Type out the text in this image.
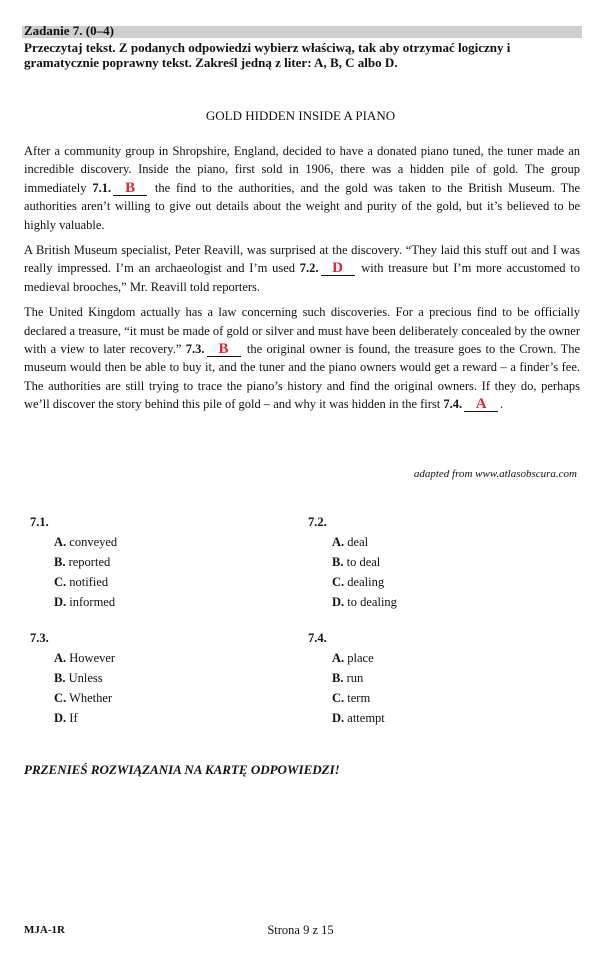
Zadanie 7. (0–4)
Przeczytaj tekst. Z podanych odpowiedzi wybierz właściwą, tak aby otrzymać logiczny i gramatycznie poprawny tekst. Zakreśl jedną z liter: A, B, C albo D.
GOLD HIDDEN INSIDE A PIANO

After a community group in Shropshire, England, decided to have a donated piano tuned, the tuner made an incredible discovery. Inside the piano, first sold in 1906, there was a hidden pile of gold. The group immediately 7.1. B the find to the authorities, and the gold was taken to the British Museum. The authorities aren’t willing to give out details about the weight and purity of the gold, but it’s believed to be highly valuable.

A British Museum specialist, Peter Reavill, was surprised at the discovery. “They laid this stuff out and I was really impressed. I’m an archaeologist and I’m used 7.2. D with treasure but I’m more accustomed to medieval brooches,” Mr. Reavill told reporters.

The United Kingdom actually has a law concerning such discoveries. For a precious find to be officially declared a treasure, “it must be made of gold or silver and must have been deliberately concealed by the owner with a view to later recovery.” 7.3. B the original owner is found, the treasure goes to the Crown. The museum would then be able to buy it, and the tuner and the piano owners would get a reward – a finder’s fee. The authorities are still trying to trace the piano’s history and find the original owners. If they do, perhaps we’ll discover the story behind this pile of gold – and why it was hidden in the first 7.4. A .

adapted from www.atlasobscura.com
7.1.
A. conveyed
B. reported
C. notified
D. informed
7.2.
A. deal
B. to deal
C. dealing
D. to dealing
7.3.
A. However
B. Unless
C. Whether
D. If
7.4.
A. place
B. run
C. term
D. attempt
PRZENIEŚ ROZWIĄZANIA NA KARTĘ ODPOWIEDZI!
MJA-1R	Strona 9 z 15
